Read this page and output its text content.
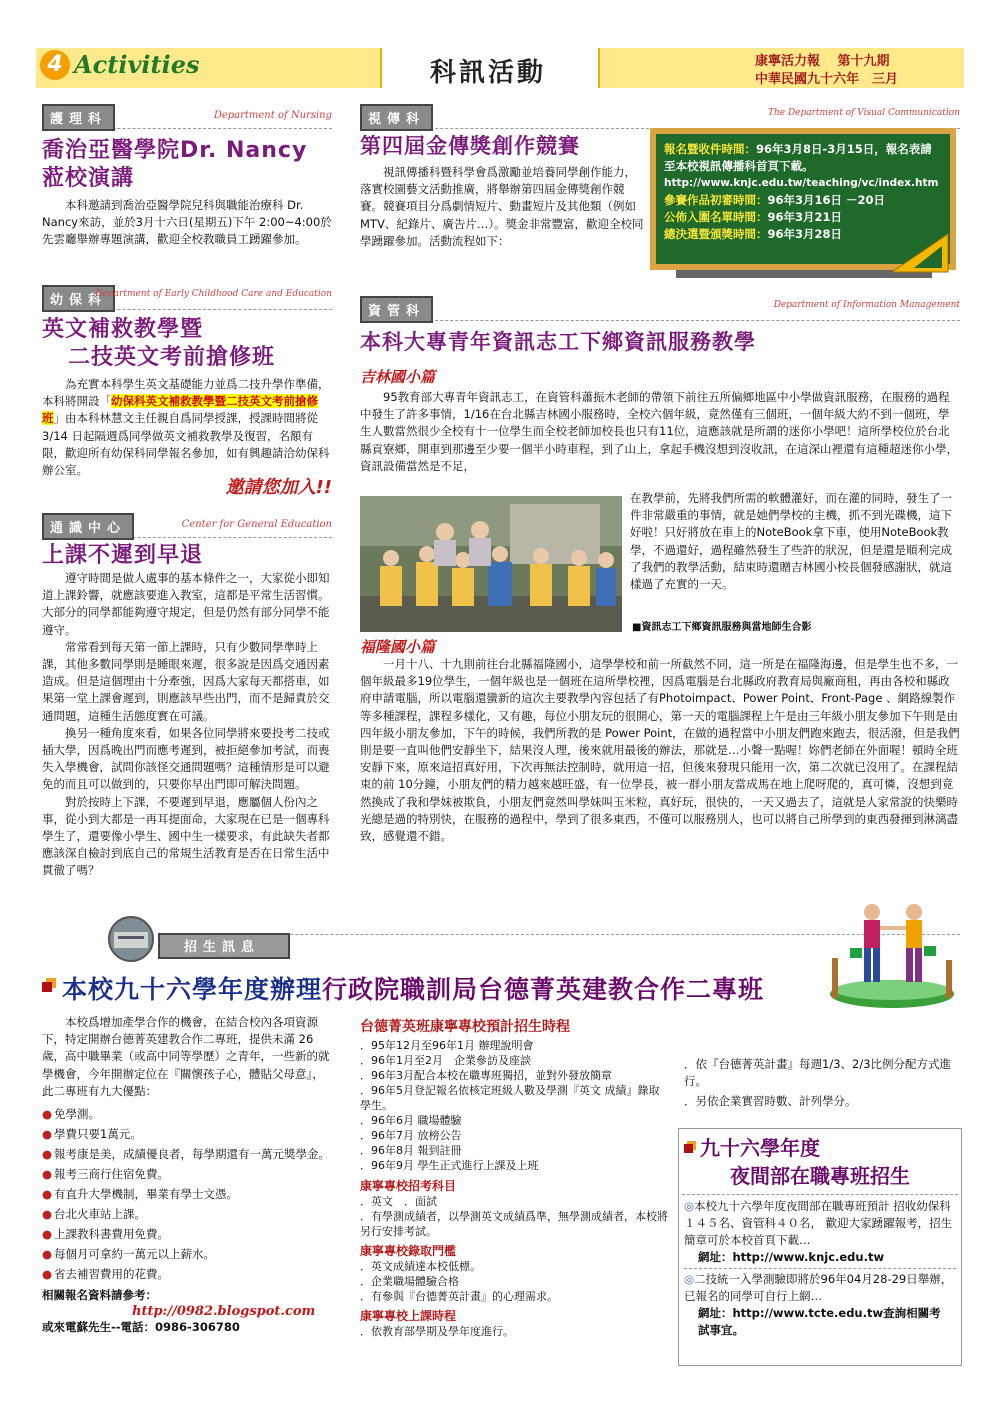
4 Activities	科訊活動	康寧活力報　 第十九期
中華民國九十六年　三月
護理科	Department of Nursing
喬治亞醫學院Dr. Nancy
蒞校演講

本科邀請到喬治亞醫學院兒科與職能治療科 Dr. Nancy來訪，並於3月十六日(星期五)下午 2:00~4:00於先雲廳舉辦專題演講，歡迎全校教職員工踴躍參加。

幼保科
Department of Early Childhood Care and Education
英文補救教學暨
二技英文考前搶修班

為充實本科學生英文基礎能力並爲二技升學作準備，本科將開設「幼保科英文補救教學暨二技英文考前搶修班」由本科林慧文主任親自爲同學授課，授課時間將從 3/14 日起隔週爲同學做英文補救教學及復習，名額有限，歡迎所有幼保科同學報名參加，如有興趣請洽幼保科辦公室。

邀請您加入!!
通識中心	Center for General Education
上課不遲到早退

遵守時間是做人處事的基本條件之一，大家從小即知道上課鈴響，就應該要進入教室，這都是平常生活習慣。大部分的同學都能夠遵守規定，但是仍然有部分同學不能遵守。

常常看到每天第一節上課時，只有少數同學準時上課，其他多數同學則是睡眼來遲，很多說是因爲交通因素造成。但是這個理由十分牽強，因爲大家每天都搭車，如果第一堂上課會遲到，則應該早些出門，而不是歸責於交通問題，這種生活態度實在可議。

換另一種角度來看，如果各位同學將來要投考二技或插大學，因爲晚出門而應考遲到，被拒絕參加考試，而喪失入學機會，試問你該怪交通問題嗎？這種情形是可以避免的而且可以做到的，只要你早出門即可解決問題。

對於按時上下課，不要遲到早退，應屬個人份內之事，從小到大都是一再耳提面命，大家現在已是一個專科學生了，還要像小學生、國中生一樣要求，有此缺失者都應該深自檢討到底自己的常規生活教育是否在日常生活中貫徹了嗎？

視傳科	The Department of Visual Communication
第四屆金傳獎創作競賽

視訊傳播科暨科學會爲激勵並培養同學創作能力，落實校園藝文活動推廣，將舉辦第四屆金傳獎創作競賽。競賽項目分爲劇情短片、動畫短片及其他類（例如MTV、紀錄片、廣告片…）。獎金非常豐富，歡迎全校同學踴躍參加。活動流程如下：

報名暨收件時間：96年3月8日-3月15日，報名表請至本校視訊傳播科首頁下載。
http://www.knjc.edu.tw/teaching/vc/index.htm
參賽作品初審時間：96年3月16日 －20日
公佈入圍名單時間：96年3月21日
總決選暨頒獎時間：96年3月28日
資管科	Department of Information Management
本科大專青年資訊志工下鄉資訊服務教學
吉林國小篇

95教育部大專青年資訊志工，在資管科蕭振木老師的帶領下前往五所偏鄉地區中小學做資訊服務，在服務的過程中發生了許多事情，1/16在台北縣吉林國小服務時，全校六個年級，竟然僅有三個班，一個年級大約不到一個班，學生人數當然很少全校有十一位學生而全校老師加校長也只有11位，這應該就是所謂的迷你小學吧！這所學校位於台北縣貢寮鄉，開車到那邊至少要一個半小時車程，到了山上，拿起手機沒想到沒收訊，在這深山裡還有這種超迷你小學，資訊設備當然是不足，

在教學前，先將我們所需的軟體灌好，而在灌的同時，發生了一件非常嚴重的事情，就是她們學校的主機，抓不到光碟機，這下好啦！只好將放在車上的NoteBook拿下車，使用NoteBook教學，不過還好，過程雖然發生了些許的狀況，但是還是順利完成了我們的教學活動，結束時還贈吉林國小校長個發感謝狀，就這樣過了充實的一天。

■資訊志工下鄉資訊服務與當地師生合影
福隆國小篇

一月十八、十九則前往台北縣福隆國小，這學學校和前一所截然不同，這一所是在福隆海邊，但是學生也不多，一個年級最多19位學生，一個年級也是一個班在這所學校裡，因爲電腦是台北縣政府教育局與廠商租，再由各校和縣政府申請電腦，所以電腦還蠻新的這次主要教學內容包括了有Photoimpact、Power Point、Front-Page 、網路線製作等多種課程，課程多樣化，又有趣，每位小朋友玩的很開心，第一天的電腦課程上午是由三年級小朋友參加下午則是由四年級小朋友參加，下午的時候，我們所教的是 Power Point，在做的過程當中小朋友們跑來跑去，很活潑，但是我們則是要一直叫他們安靜坐下，結果沒人理，後來就用最後的辦法，那就是…小聲一點喔！妳們老師在外面喔！頓時全班安靜下來，原來這招真好用，下次再無法控制時，就用這一招，但後來發現只能用一次，第二次就已沒用了。在課程結束的前 10分鐘，小朋友們的精力越來越旺盛，有一位學長，被一群小朋友當成馬在地上爬呀爬的，真可憐，沒想到竟然換成了我和學妹被欺負，小朋友們竟然叫學妹叫玉米粒，真好玩，很快的，一天又過去了，這就是人家常說的快樂時光總是過的特別快，在服務的過程中，學到了很多東西，不僅可以服務別人，也可以將自己所學到的東西發揮到淋漓盡致，感覺還不錯。

招生訊息
本校九十六學年度辦理行政院職訓局台德菁英建教合作二專班

本校爲增加產學合作的機會，在結合校內各項資源下，特定開辦台德菁英建教合作二專班，提供未滿 26 歲，高中職畢業（或高中同等學歷）之青年，一些新的就學機會，今年開辦定位在『關懷孩子心，體貼父母意』，此二專班有九大優點：

● 免學測。
● 學費只要1萬元。
● 報考康是美，成績優良者，每學期還有一萬元獎學金。
● 報考三商行住宿免費。
● 有直升大學機制，畢業有學士文憑。
● 台北火車站上課。
● 上課教科書費用免費。
● 每個月可拿約一萬元以上薪水。
● 省去補習費用的花費。
相關報名資料請參考：
http://0982.blogspot.com
或來電蘇先生--電話：0986-306780
台德菁英班康寧專校預計招生時程
．95年12月至96年1月 辦理說明會
．96年1月至2月　企業參訪及座談
．96年3月配合本校在職專班獨招，並對外發放簡章
．96年5月登記報名依核定班級人數及學測『英文 成績』錄取學生。
．96年6月 職場體驗
．96年7月 放榜公告
．96年8月 報到註冊
．96年9月 學生正式進行上課及上班
康寧專校招考科目
．英文　．面試
．有學測成績者，以學測英文成績爲準，無學測成績者，本校將另行安排考試。
康寧專校錄取門檻
．英文成績達本校低標。
．企業職場體驗合格
．有參與『台德菁英計畫』的心理需求。
康寧專校上課時程
．依教育部學期及學年度進行。
．依『台德菁英計畫』每週1/3、2/3比例分配方式進行。
．另依企業實習時數、計列學分。
九十六學年度
夜間部在職專班招生

◎本校九十六學年度夜間部在職專班預計 招收幼保科１４５名、資管科４０名， 歡迎大家踴躍報考，招生簡章可於本校首頁下載…

網址：http://www.knjc.edu.tw

◎二技統一入學測驗即將於96年04月28-29日舉辦，已報名的同學可自行上網…

網址：http://www.tcte.edu.tw查詢相關考 試事宜。
